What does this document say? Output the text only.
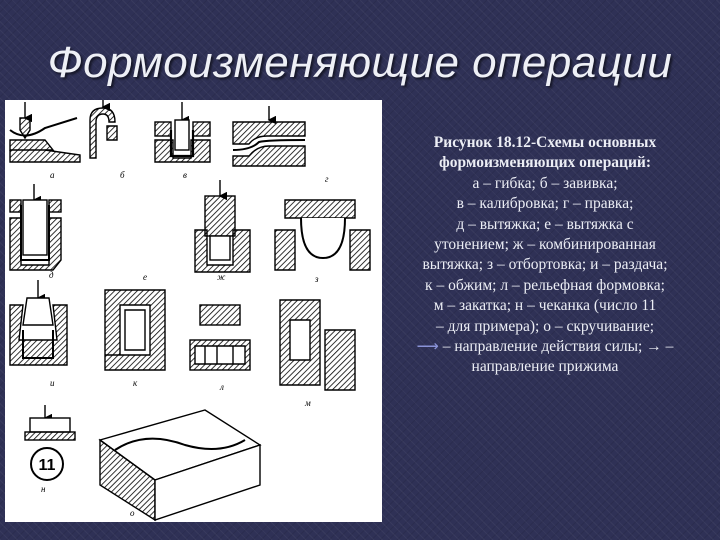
Формоизменяющие операции
а	б	в	г
д	е	ж	з
и	к	л
м
н
о
11
Рисунок 18.12-Схемы основных
формоизменяющих операций:
а – гибка; б – завивка;
в – калибровка; г – правка;
д – вытяжка; е – вытяжка с
утонением; ж – комбинированная
вытяжка; з – отбортовка; и – раздача;
к – обжим; л – рельефная формовка;
м – закатка; н – чеканка (число 11
– для примера); о – скручивание;
⟶ – направление действия силы; → –
направление прижима
